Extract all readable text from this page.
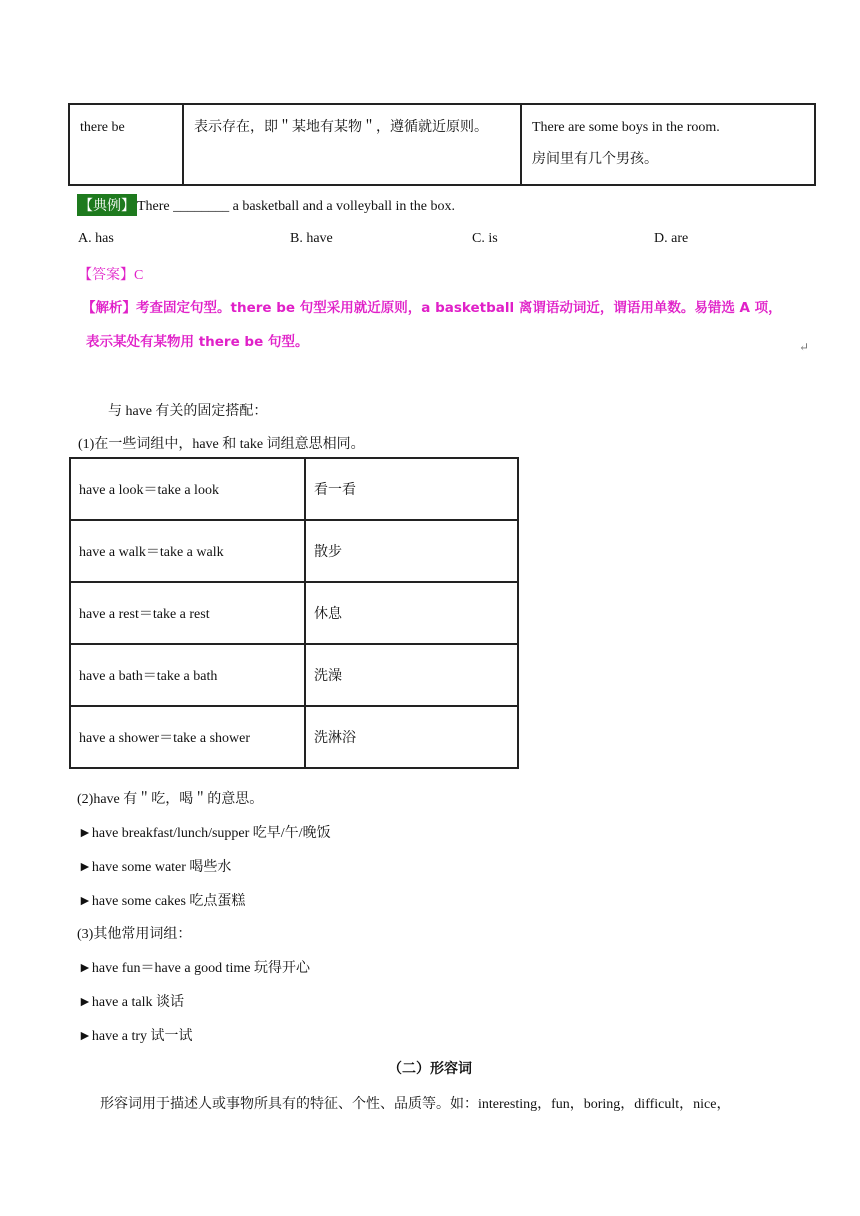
there be	表示存在，即＂某地有某物＂，遵循就近原则。	There are some boys in the room.

房间里有几个男孩。

【典例】 There ________ a basketball and a volleyball in the box.
A. has	B. have	C. is	D. are
【答案】C
【解析】考查固定句型。there be 句型采用就近原则，a basketball 离谓语动词近，谓语用单数。易错选 A 项，
表示某处有某物用 there be 句型。	↵
与 have 有关的固定搭配：
(1)在一些词组中，have 和 take 词组意思相同。
have a look＝take a look	看一看
have a walk＝take a walk	散步
have a rest＝take a rest	休息
have a bath＝take a bath	洗澡
have a shower＝take a shower	洗淋浴
(2)have 有＂吃，喝＂的意思。
►have breakfast/lunch/supper 吃早/午/晚饭
►have some water 喝些水
►have some cakes 吃点蛋糕
(3)其他常用词组：
►have fun＝have a good time 玩得开心
►have a talk 谈话
►have a try 试一试
（二）形容词
形容词用于描述人或事物所具有的特征、个性、品质等。如：interesting，fun，boring，difficult，nice，
